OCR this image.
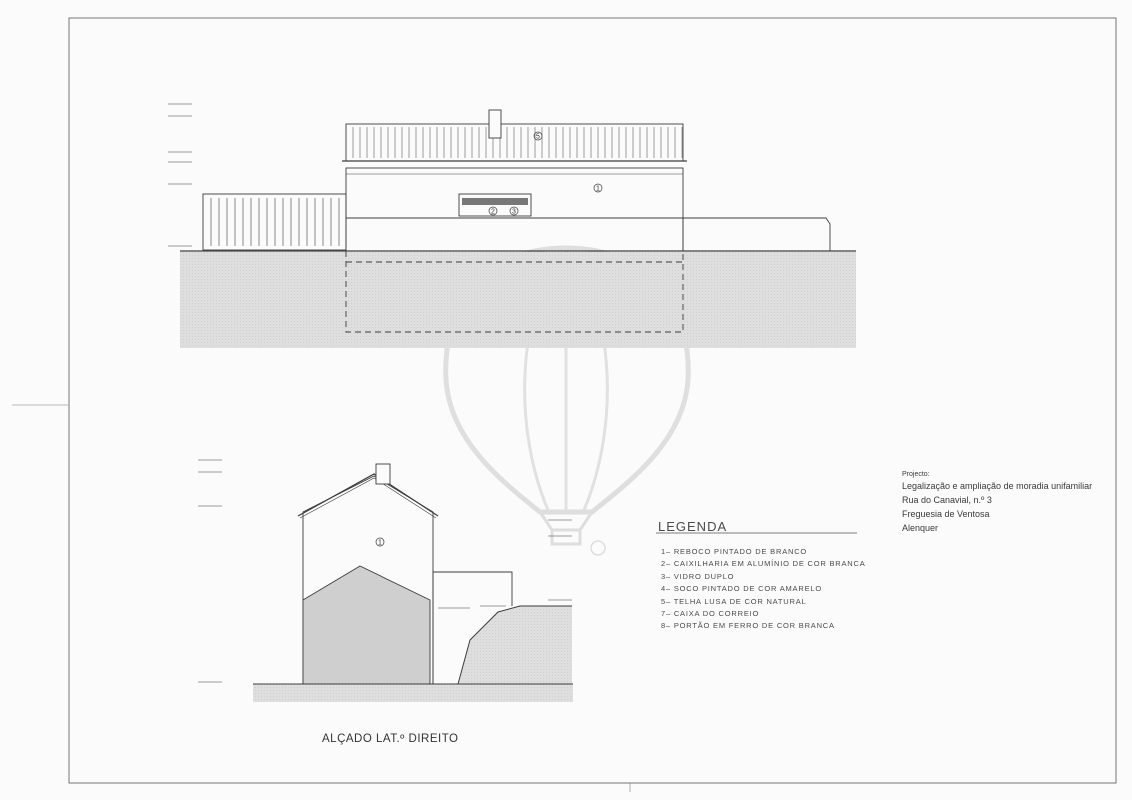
5
1
2 3
1
Projecto:
Legalização e ampliação de moradia unifamiliar
Rua do Canavial, n.º 3
Freguesia de Ventosa
Alenquer
LEGENDA
1– REBOCO PINTADO DE BRANCO
2– CAIXILHARIA EM ALUMÍNIO DE COR BRANCA
3– VIDRO DUPLO
4– SOCO PINTADO DE COR AMARELO
5– TELHA LUSA DE COR NATURAL
7– CAIXA DO CORREIO
8– PORTÃO EM FERRO DE COR BRANCA
ALÇADO LAT.º DIREITO
